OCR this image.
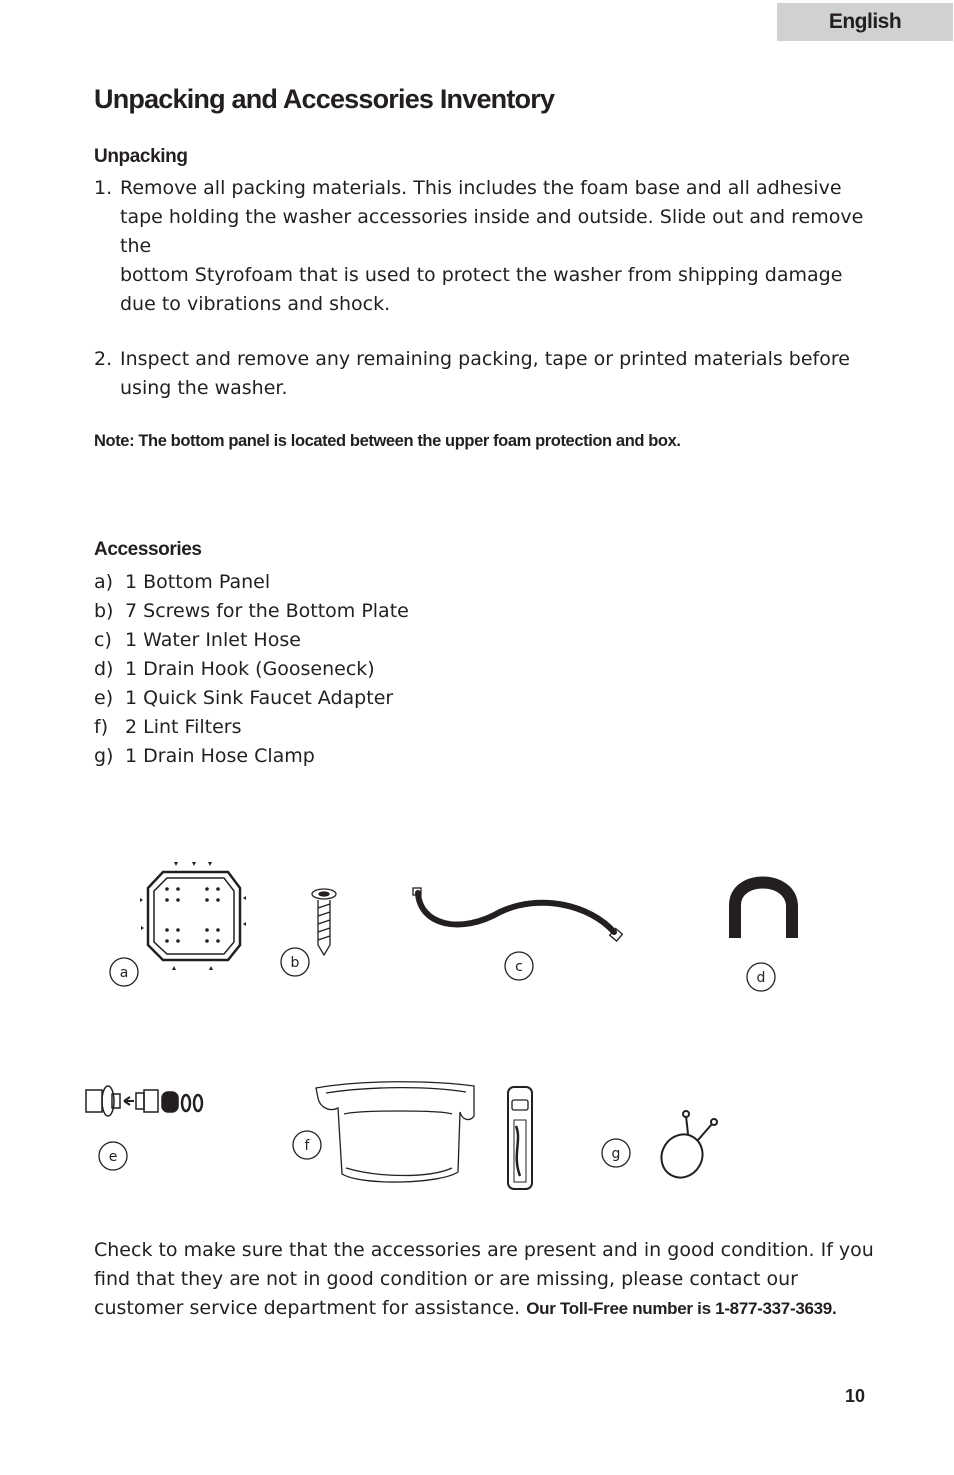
English
Unpacking and Accessories Inventory
Unpacking
1. Remove all packing materials. This includes the foam base and all adhesive
tape holding the washer accessories inside and outside. Slide out and remove
the
bottom Styrofoam that is used to protect the washer from shipping damage
due to vibrations and shock.
2. Inspect and remove any remaining packing, tape or printed materials before
using the washer.
Note: The bottom panel is located between the upper foam protection and box.
Accessories
a) 1 Bottom Panel
b) 7 Screws for the Bottom Plate
c) 1 Water Inlet Hose
d) 1 Drain Hook (Gooseneck)
e) 1 Quick Sink Faucet Adapter
f) 2 Lint Filters
g) 1 Drain Hose Clamp
a
b	c
d
e
f	g

Check to make sure that the accessories are present and in good condition. If you find that they are not in good condition or are missing, please contact our customer service department for assistance. Our Toll-Free number is 1-877-337-3639.

10
